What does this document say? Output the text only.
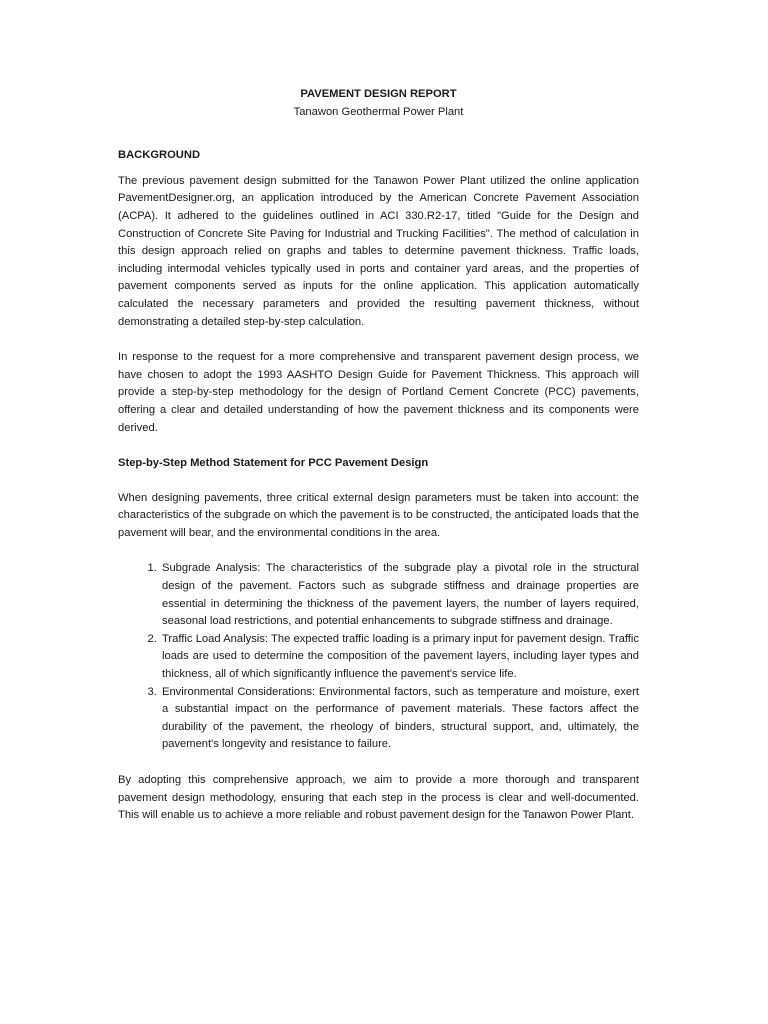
PAVEMENT DESIGN REPORT

Tanawon Geothermal Power Plant

BACKGROUND

The previous pavement design submitted for the Tanawon Power Plant utilized the online application PavementDesigner.org, an application introduced by the American Concrete Pavement Association (ACPA). It adhered to the guidelines outlined in ACI 330.R2-17, titled "Guide for the Design and Construction of Concrete Site Paving for Industrial and Trucking Facilities". The method of calculation in this design approach relied on graphs and tables to determine pavement thickness. Traffic loads, including intermodal vehicles typically used in ports and container yard areas, and the properties of pavement components served as inputs for the online application. This application automatically calculated the necessary parameters and provided the resulting pavement thickness, without demonstrating a detailed step-by-step calculation.

In response to the request for a more comprehensive and transparent pavement design process, we have chosen to adopt the 1993 AASHTO Design Guide for Pavement Thickness. This approach will provide a step-by-step methodology for the design of Portland Cement Concrete (PCC) pavements, offering a clear and detailed understanding of how the pavement thickness and its components were derived.

Step-by-Step Method Statement for PCC Pavement Design

When designing pavements, three critical external design parameters must be taken into account: the characteristics of the subgrade on which the pavement is to be constructed, the anticipated loads that the pavement will bear, and the environmental conditions in the area.

1. Subgrade Analysis: The characteristics of the subgrade play a pivotal role in the structural design of the pavement. Factors such as subgrade stiffness and drainage properties are essential in determining the thickness of the pavement layers, the number of layers required, seasonal load restrictions, and potential enhancements to subgrade stiffness and drainage.
2. Traffic Load Analysis: The expected traffic loading is a primary input for pavement design. Traffic loads are used to determine the composition of the pavement layers, including layer types and thickness, all of which significantly influence the pavement's service life.
3. Environmental Considerations: Environmental factors, such as temperature and moisture, exert a substantial impact on the performance of pavement materials. These factors affect the durability of the pavement, the rheology of binders, structural support, and, ultimately, the pavement's longevity and resistance to failure.

By adopting this comprehensive approach, we aim to provide a more thorough and transparent pavement design methodology, ensuring that each step in the process is clear and well-documented. This will enable us to achieve a more reliable and robust pavement design for the Tanawon Power Plant.
